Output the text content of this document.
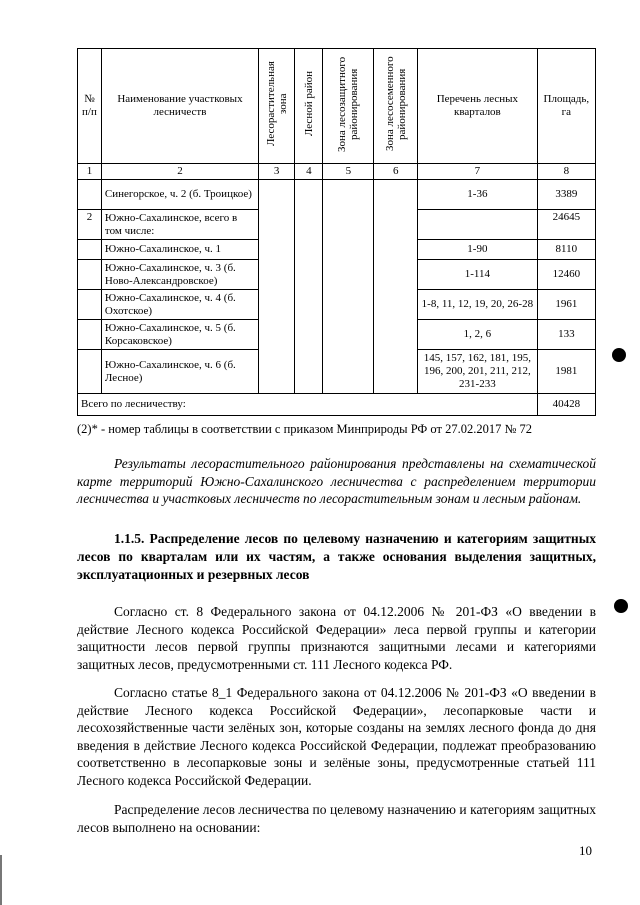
№ п/п	Наименование участковых лесничеств	Лесорастительная зона	Лесной район	Зона лесозащитного районирования	Зона лесосеменного районирования	Перечень лесных кварталов	Площадь, га
1	2	3	4	5	6	7	8
	Синегорское, ч. 2 (б. Троицкое)					1-36	3389
2	Южно-Сахалинское, всего в том числе:						24645
	Южно-Сахалинское, ч. 1					1-90	8110
	Южно-Сахалинское, ч. 3 (б. Ново-Александровское)					1-114	12460
	Южно-Сахалинское, ч. 4 (б. Охотское)					1-8, 11, 12, 19, 20, 26-28	1961
	Южно-Сахалинское, ч. 5 (б. Корсаковское)					1, 2, 6	133
	Южно-Сахалинское, ч. 6 (б. Лесное)					145, 157, 162, 181, 195, 196, 200, 201, 211, 212, 231-233	1981
Всего по лесничеству:							40428
(2)* - номер таблицы в соответствии с приказом Минприроды РФ от 27.02.2017 № 72

Результаты лесорастительного районирования представлены на схематической карте территорий Южно-Сахалинского лесничества с распределением территории лесничества и участковых лесничеств по лесорастительным зонам и лесным районам.

1.1.5. Распределение лесов по целевому назначению и категориям защитных лесов по кварталам или их частям, а также основания выделения защитных, эксплуатационных и резервных лесов

Согласно ст. 8 Федерального закона от 04.12.2006 № 201-ФЗ «О введении в действие Лесного кодекса Российской Федерации» леса первой группы и категории защитности лесов первой группы признаются защитными лесами и категориями защитных лесов, предусмотренными ст. 111 Лесного кодекса РФ.

Согласно статье 8_1 Федерального закона от 04.12.2006 № 201-ФЗ «О введении в действие Лесного кодекса Российской Федерации», лесопарковые части и лесохозяйственные части зелёных зон, которые созданы на землях лесного фонда до дня введения в действие Лесного кодекса Российской Федерации, подлежат преобразованию соответственно в лесопарковые зоны и зелёные зоны, предусмотренные статьей 111 Лесного кодекса Российской Федерации.

Распределение лесов лесничества по целевому назначению и категориям защитных лесов выполнено на основании:

10
